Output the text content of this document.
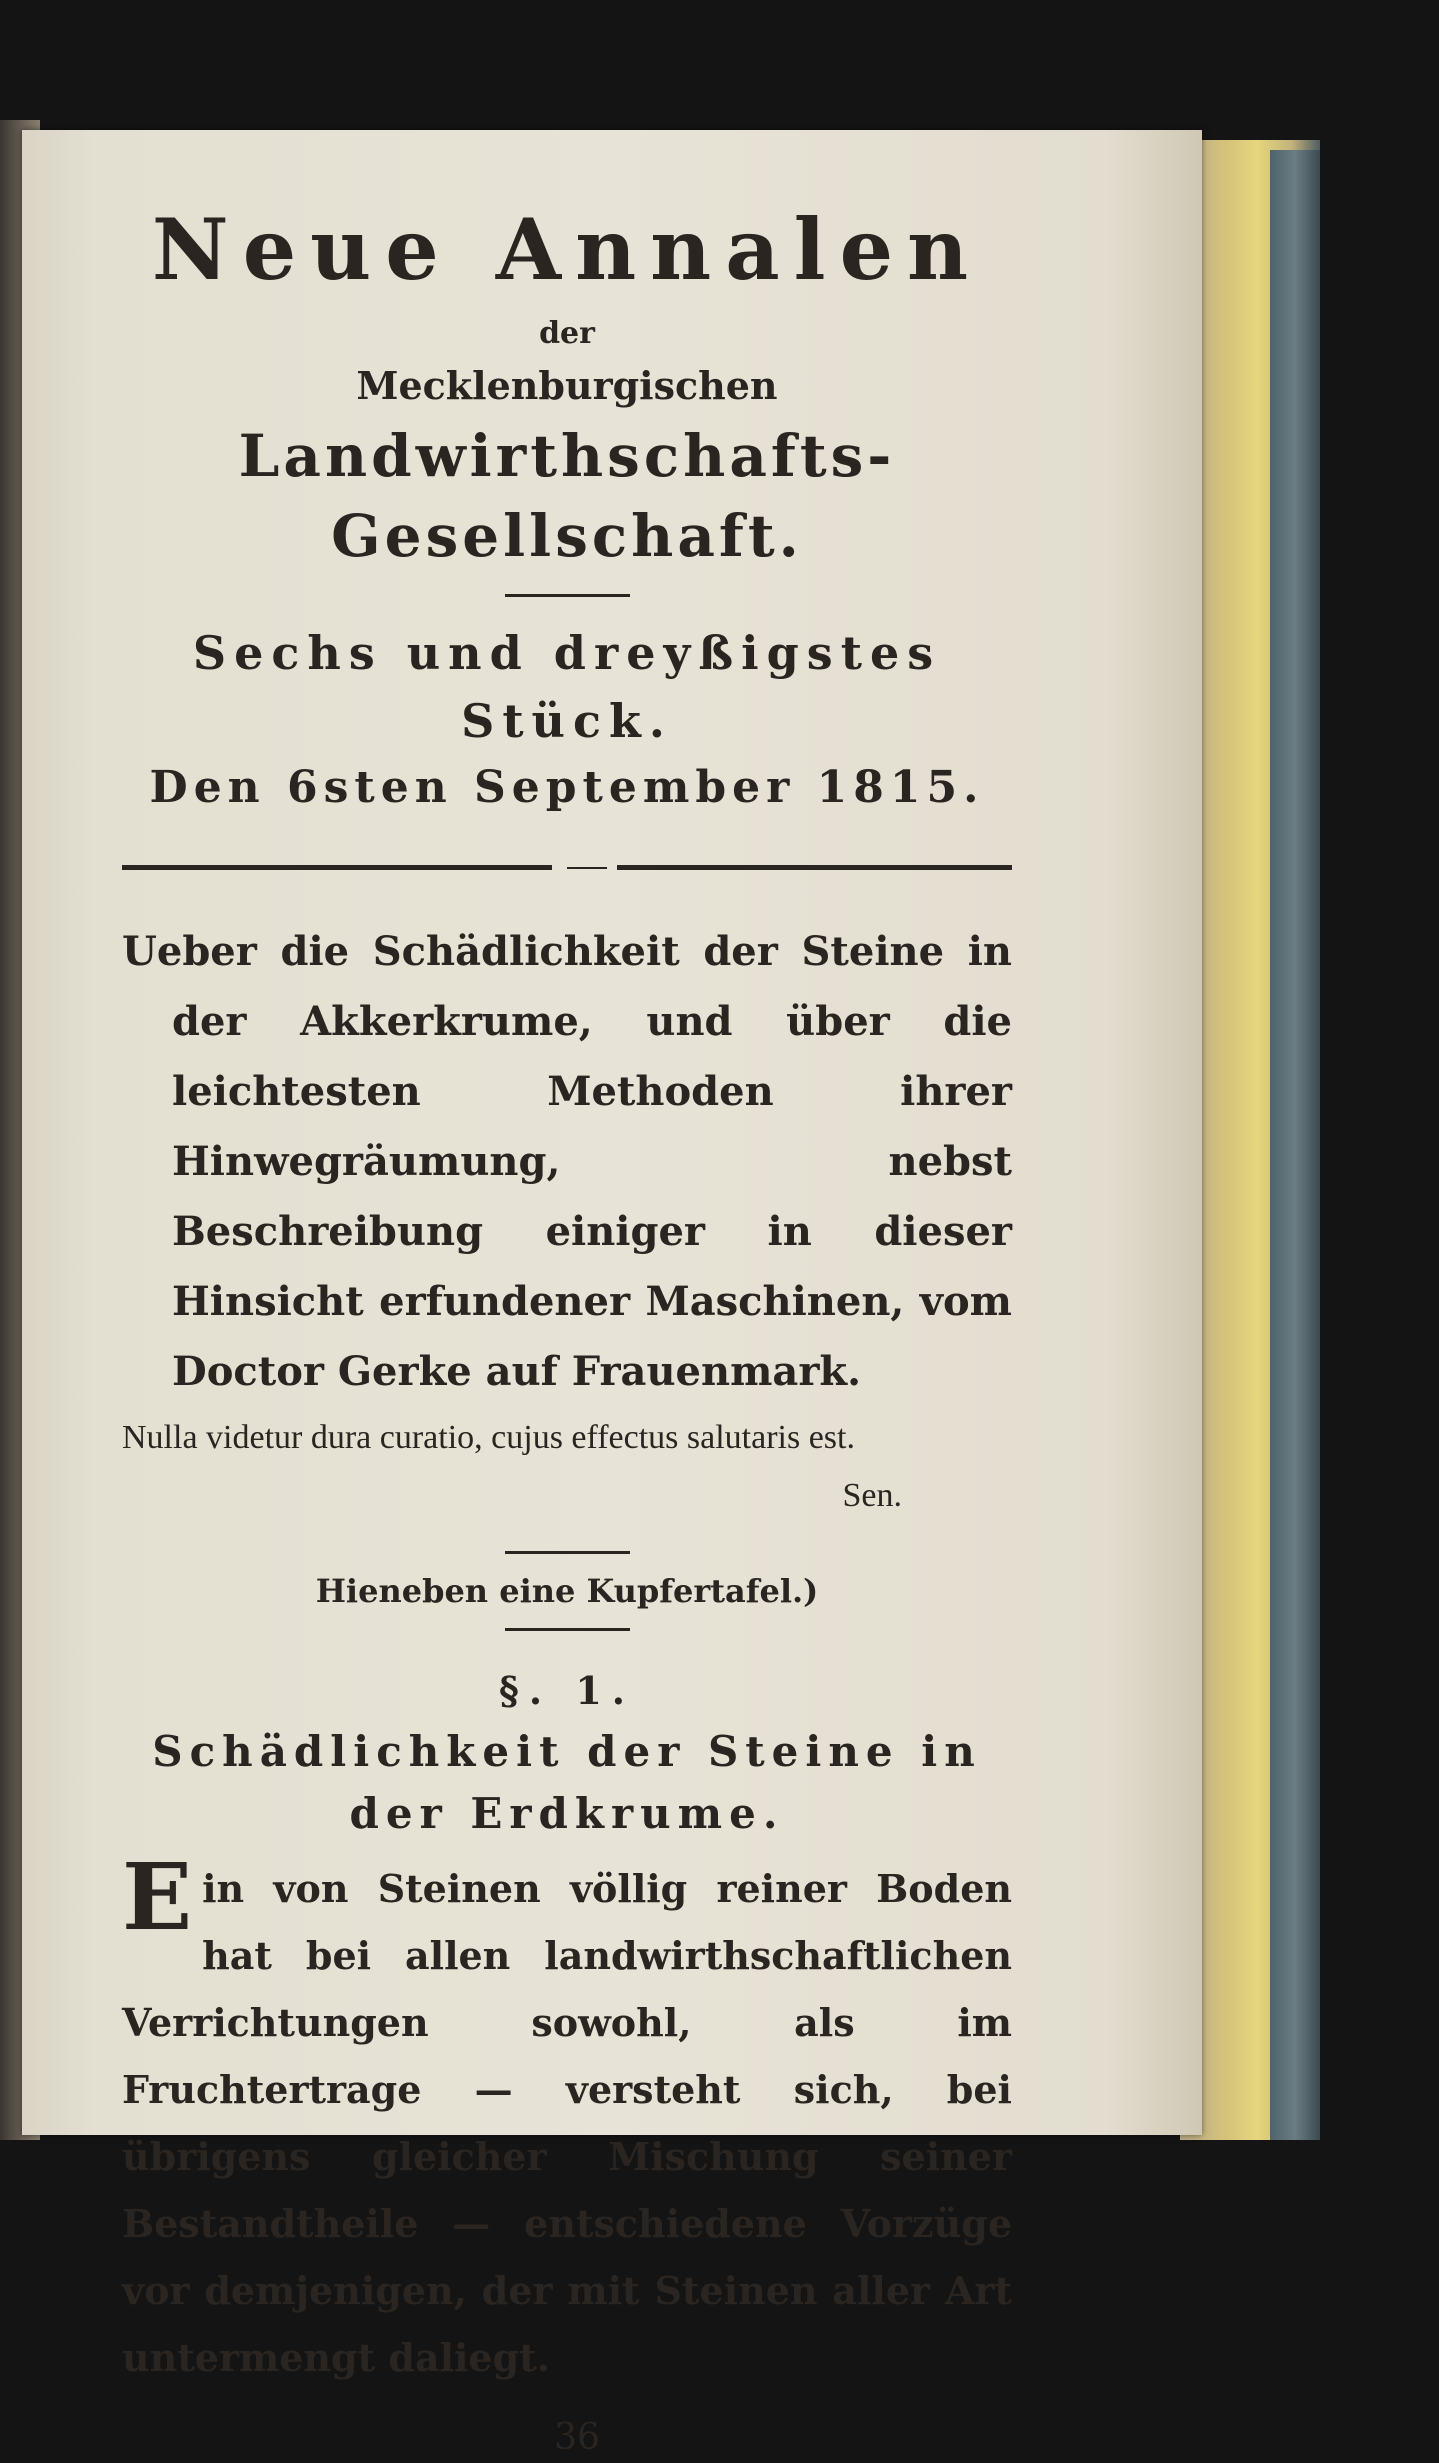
Neue Annalen
der
Mecklenburgischen
Landwirthschafts-Gesellschaft.
Sechs und dreyßigstes Stück.
Den 6sten September 1815.
Ueber die Schädlichkeit der Steine in der Akkerkrume, und über die leichtesten Methoden ihrer Hinwegräumung, nebst Beschreibung einiger in dieser Hinsicht erfundener Maschinen, vom Doctor Gerke auf Frauenmark.
Nulla videtur dura curatio, cujus effectus salutaris est.
Sen.
Hieneben eine Kupfertafel.)
§. 1.
Schädlichkeit der Steine in der Erdkrume.
Ein von Steinen völlig reiner Boden hat bei allen landwirthschaftlichen Verrichtungen sowohl, als im Fruchtertrage — versteht sich, bei übrigens gleicher Mischung seiner Bestandtheile — entschiedene Vorzüge vor demjenigen, der mit Steinen aller Art untermengt daliegt.
36
